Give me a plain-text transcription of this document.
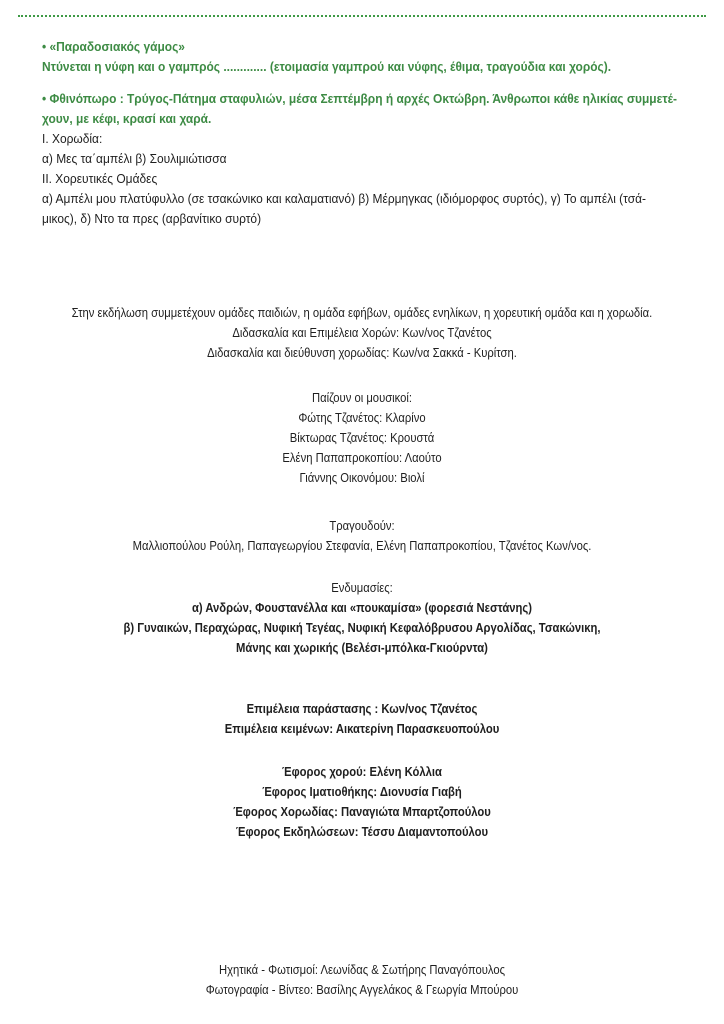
• «Παραδοσιακός γάμος»
Ντύνεται η νύφη και ο γαμπρός ............. (ετοιμασία γαμπρού και νύφης, έθιμα, τραγούδια και χορός).
• Φθινόπωρο : Τρύγος-Πάτημα σταφυλιών, μέσα Σεπτέμβρη ή αρχές Οκτώβρη. Άνθρωποι κάθε ηλικίας συμμετέ-
χουν, με κέφι, κρασί και χαρά.
Ι. Χορωδία:
α) Μες τα΄αμπέλι β) Σουλιμιώτισσα
ΙΙ. Χορευτικές Ομάδες
α) Αμπέλι μου πλατύφυλλο (σε τσακώνικο και καλαματιανό) β) Μέρμηγκας (ιδιόμορφος συρτός), γ) Το αμπέλι (τσά-
μικος), δ) Ντο τα πρες (αρβανίτικο συρτό)
Στην εκδήλωση συμμετέχουν ομάδες παιδιών, η ομάδα εφήβων, ομάδες ενηλίκων, η χορευτική ομάδα και η χορωδία.
Διδασκαλία και Επιμέλεια Χορών: Κων/νος Τζανέτος
Διδασκαλία και διεύθυνση χορωδίας: Κων/να Σακκά - Κυρίτση.
Παίζουν οι μουσικοί:
Φώτης Τζανέτος: Κλαρίνο
Βίκτωρας Τζανέτος: Κρουστά
Ελένη Παπαπροκοπίου: Λαούτο
Γιάννης Οικονόμου: Βιολί
Τραγουδούν:
Μαλλιοπούλου Ρούλη, Παπαγεωργίου Στεφανία, Ελένη Παπαπροκοπίου, Τζανέτος Κων/νος.
Ενδυμασίες:
α) Ανδρών, Φουστανέλλα και «πουκαμίσα» (φορεσιά Νεστάνης)
β) Γυναικών, Περαχώρας, Νυφική Τεγέας, Νυφική Κεφαλόβρυσου Αργολίδας, Τσακώνικη,
Μάνης και χωρικής (Βελέσι-μπόλκα-Γκιούρντα)
Επιμέλεια παράστασης : Κων/νος Τζανέτος
Επιμέλεια κειμένων: Αικατερίνη Παρασκευοπούλου
Έφορος χορού: Ελένη Κόλλια
Έφορος Ιματιοθήκης: Διονυσία Γιαβή
Έφορος Χορωδίας: Παναγιώτα Μπαρτζοπούλου
Έφορος Εκδηλώσεων: Τέσσυ Διαμαντοπούλου
Ηχητικά - Φωτισμοί: Λεωνίδας & Σωτήρης Παναγόπουλος
Φωτογραφία - Βίντεο: Βασίλης Αγγελάκος & Γεωργία Μπούρου
